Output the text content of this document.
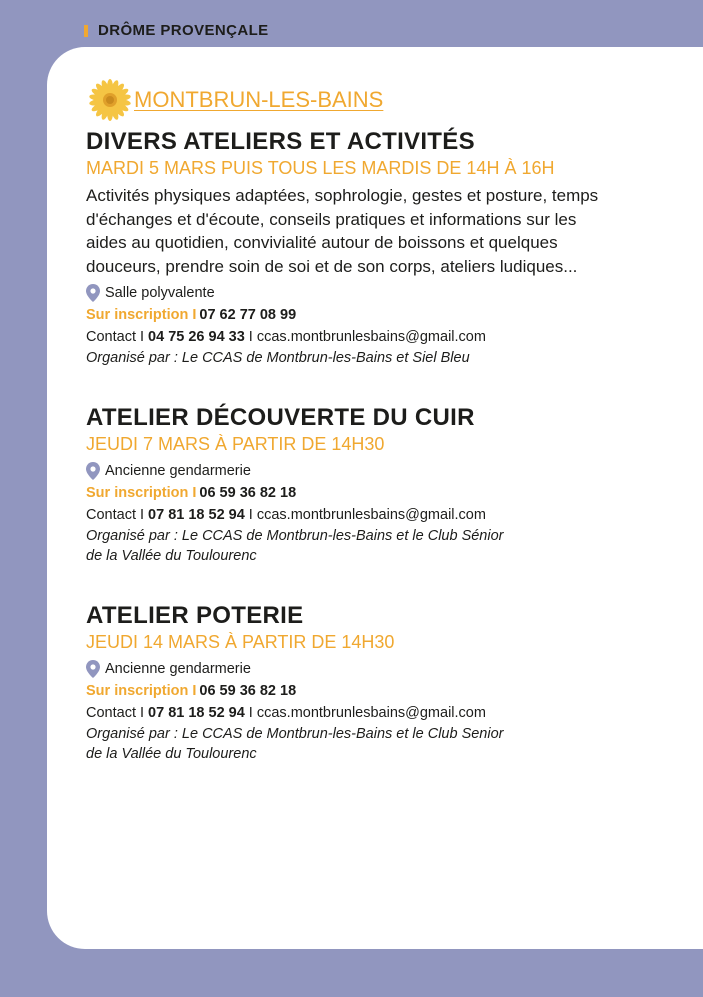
DRÔME PROVENÇALE
MONTBRUN-LES-BAINS
DIVERS ATELIERS ET ACTIVITÉS
MARDI 5 MARS PUIS TOUS LES MARDIS DE 14H À 16H
Activités physiques adaptées, sophrologie, gestes et posture, temps d'échanges et d'écoute, conseils pratiques et informations sur les aides au quotidien, convivialité autour de boissons et quelques douceurs, prendre soin de soi et de son corps, ateliers ludiques...
Salle polyvalente
Sur inscription I 07 62 77 08 99
Contact I 04 75 26 94 33 I ccas.montbrunlesbains@gmail.com
Organisé par : Le CCAS de Montbrun-les-Bains et Siel Bleu
ATELIER DÉCOUVERTE DU CUIR
JEUDI 7 MARS À PARTIR DE 14H30
Ancienne gendarmerie
Sur inscription I 06 59 36 82 18
Contact I 07 81 18 52 94 I ccas.montbrunlesbains@gmail.com
Organisé par : Le CCAS de Montbrun-les-Bains et le Club Sénior
de la Vallée du Toulourenc
ATELIER POTERIE
JEUDI 14 MARS À PARTIR DE 14H30
Ancienne gendarmerie
Sur inscription I 06 59 36 82 18
Contact I 07 81 18 52 94 I ccas.montbrunlesbains@gmail.com
Organisé par : Le CCAS de Montbrun-les-Bains et le Club Senior
de la Vallée du Toulourenc
